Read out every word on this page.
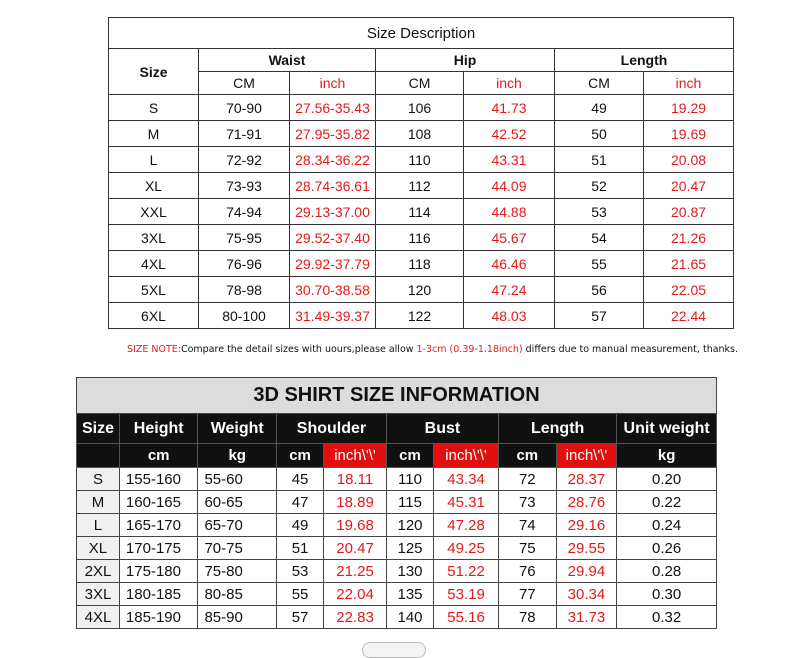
Size Description						
Size	Waist		Hip		Length	
	CM	inch	CM	inch	CM	inch
S	70-90	27.56-35.43	106	41.73	49	19.29
M	71-91	27.95-35.82	108	42.52	50	19.69
L	72-92	28.34-36.22	110	43.31	51	20.08
XL	73-93	28.74-36.61	112	44.09	52	20.47
XXL	74-94	29.13-37.00	114	44.88	53	20.87
3XL	75-95	29.52-37.40	116	45.67	54	21.26
4XL	76-96	29.92-37.79	118	46.46	55	21.65
5XL	78-98	30.70-38.58	120	47.24	56	22.05
6XL	80-100	31.49-39.37	122	48.03	57	22.44
SIZE NOTE:Compare the detail sizes with uours,please allow 1-3cm (0.39-1.18inch) differs due to manual measurement, thanks.
3D SHIRT SIZE INFORMATION									
Size	Height	Weight	Shoulder		Bust		Length		Unit weight
	cm	kg	cm	inch\'\'	cm	inch\'\'	cm	inch\'\'	kg
S	155-160	55-60	45	18.11	110	43.34	72	28.37	0.20
M	160-165	60-65	47	18.89	115	45.31	73	28.76	0.22
L	165-170	65-70	49	19.68	120	47.28	74	29.16	0.24
XL	170-175	70-75	51	20.47	125	49.25	75	29.55	0.26
2XL	175-180	75-80	53	21.25	130	51.22	76	29.94	0.28
3XL	180-185	80-85	55	22.04	135	53.19	77	30.34	0.30
4XL	185-190	85-90	57	22.83	140	55.16	78	31.73	0.32
